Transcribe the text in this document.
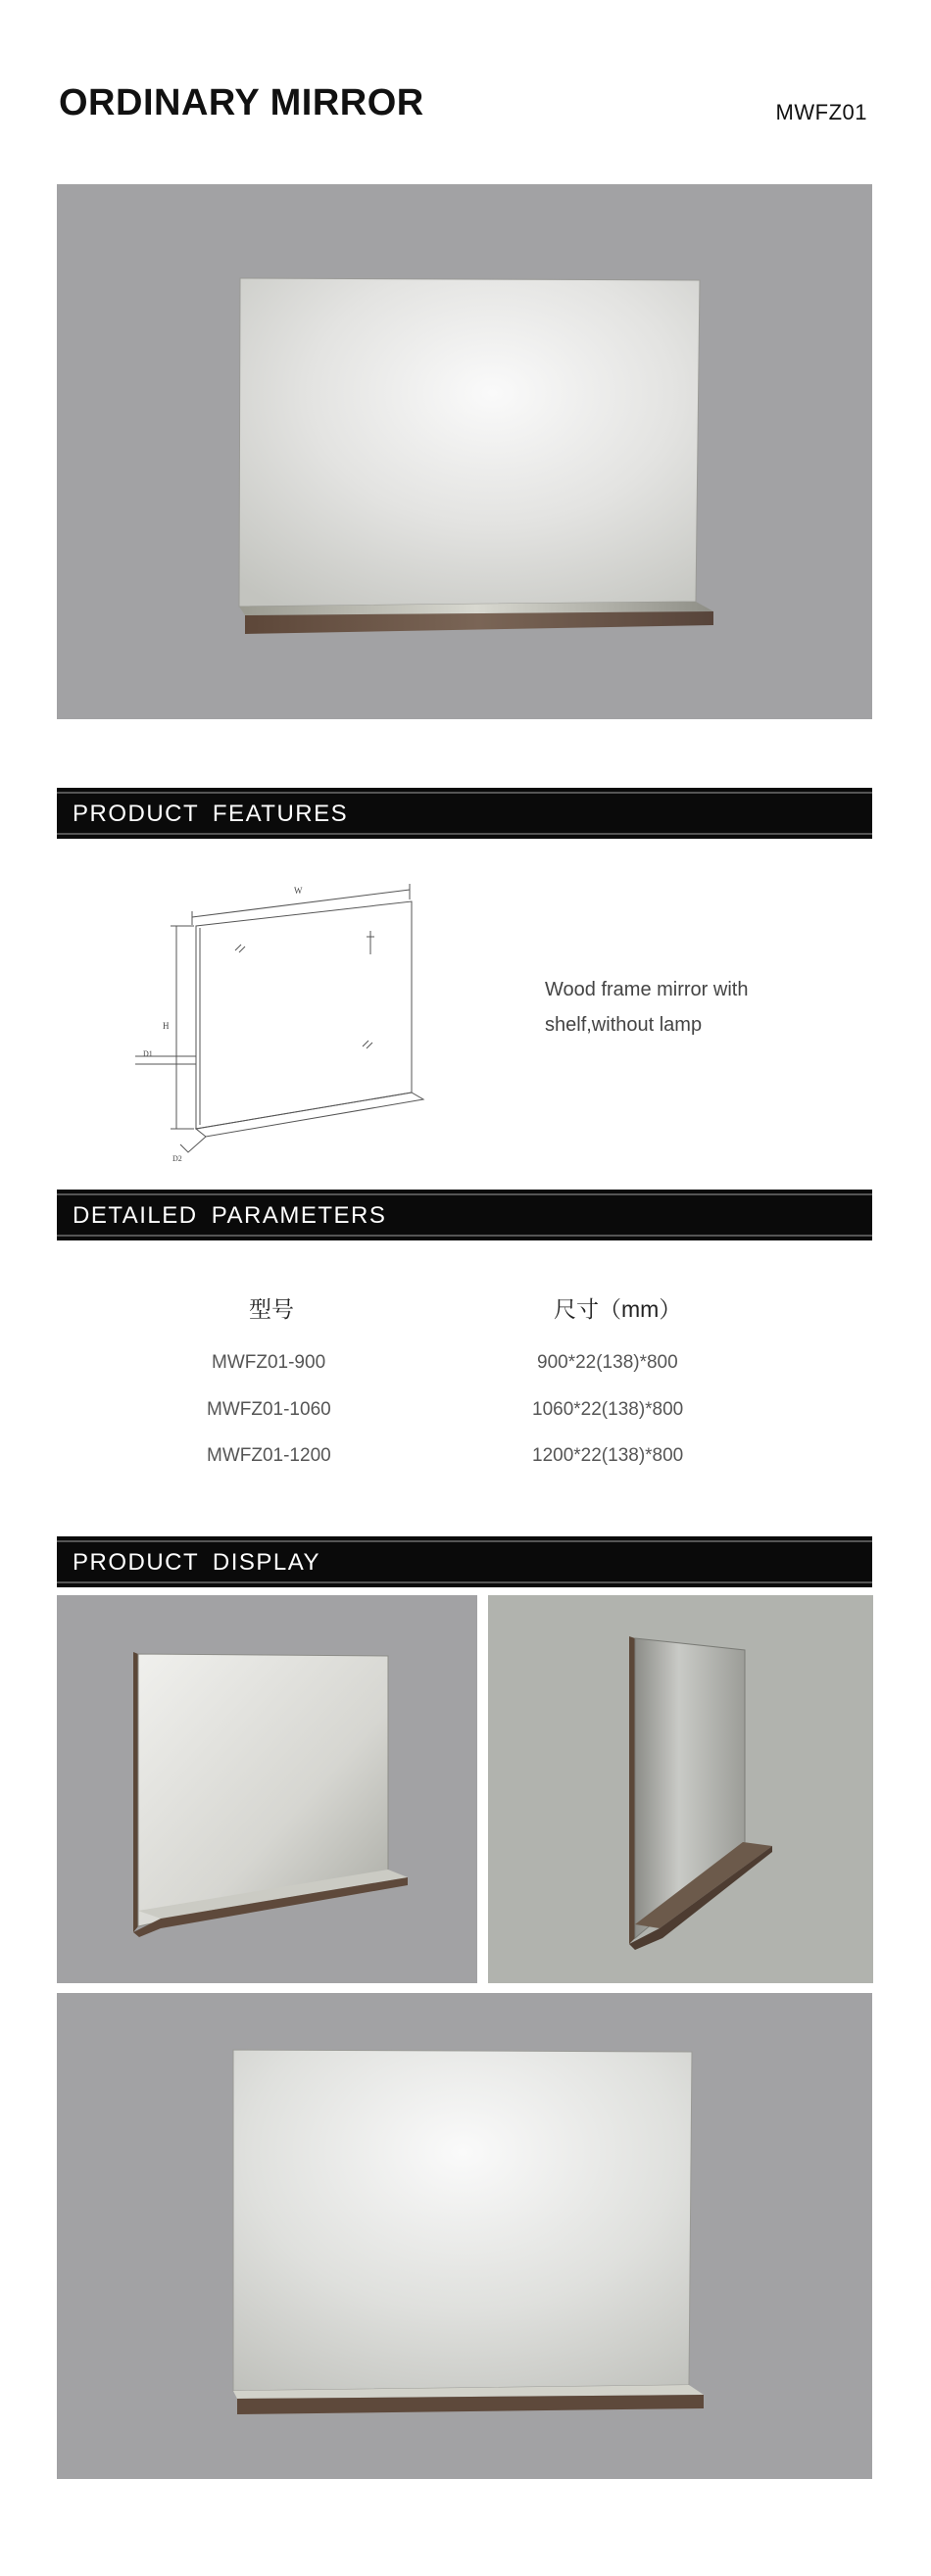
ORDINARY MIRROR	MWFZ01
PRODUCT FEATURES
W
H
D1
D2
Wood frame mirror with shelf,without lamp
DETAILED PARAMETERS
型号	尺寸（mm）
MWFZ01-900	900*22(138)*800
MWFZ01-1060	1060*22(138)*800
MWFZ01-1200	1200*22(138)*800
PRODUCT DISPLAY
